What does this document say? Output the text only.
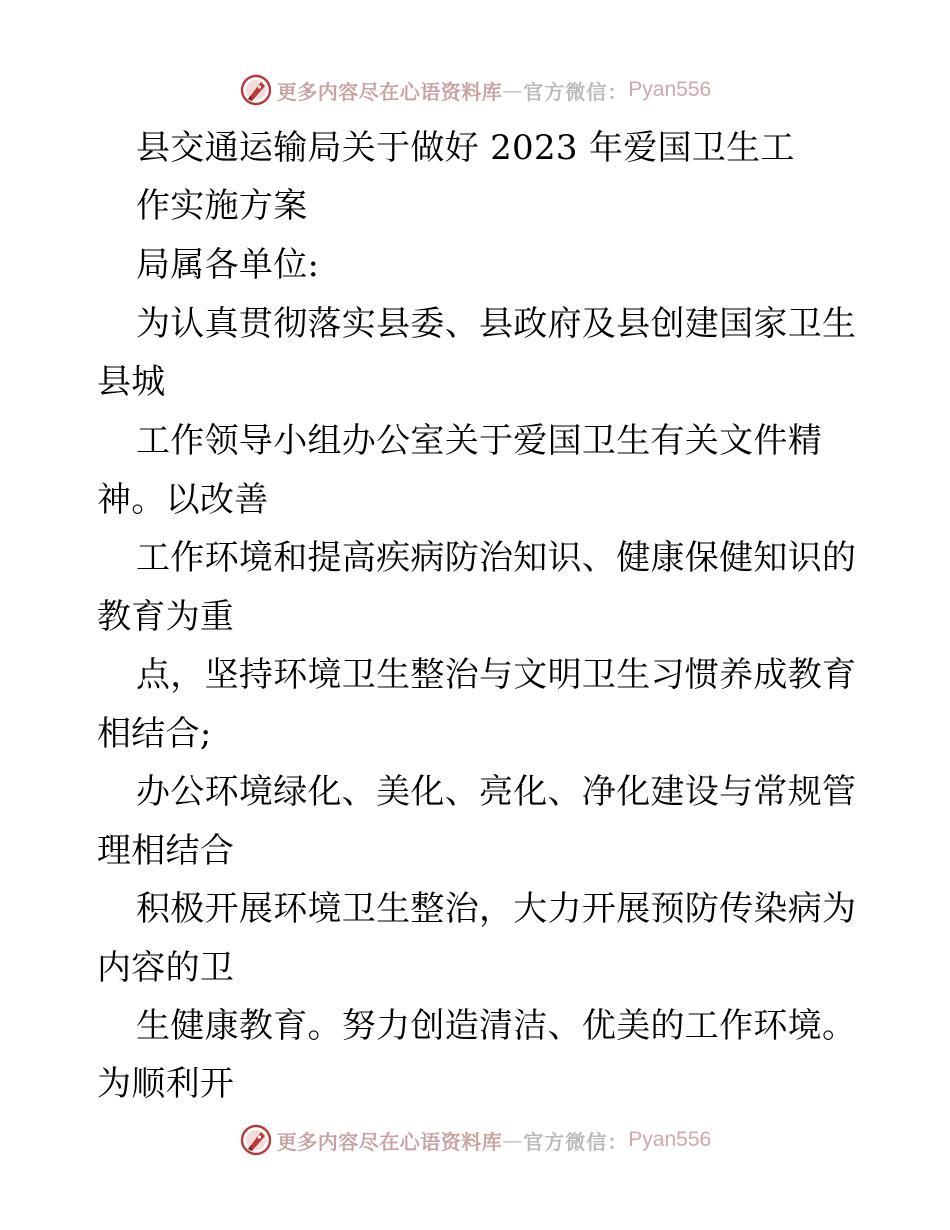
更多内容尽在心语资料库 — 官方微信： Pyan556
县交通运输局关于做好 2023 年爱国卫生工
作实施方案
局属各单位:
为认真贯彻落实县委、县政府及县创建国家卫生
县城
工作领导小组办公室关于爱国卫生有关文件精
神。以改善
工作环境和提高疾病防治知识、健康保健知识的
教育为重
点，坚持环境卫生整治与文明卫生习惯养成教育
相结合;
办公环境绿化、美化、亮化、净化建设与常规管
理相结合
积极开展环境卫生整治，大力开展预防传染病为
内容的卫
生健康教育。努力创造清洁、优美的工作环境。
为顺利开
更多内容尽在心语资料库 — 官方微信： Pyan556
